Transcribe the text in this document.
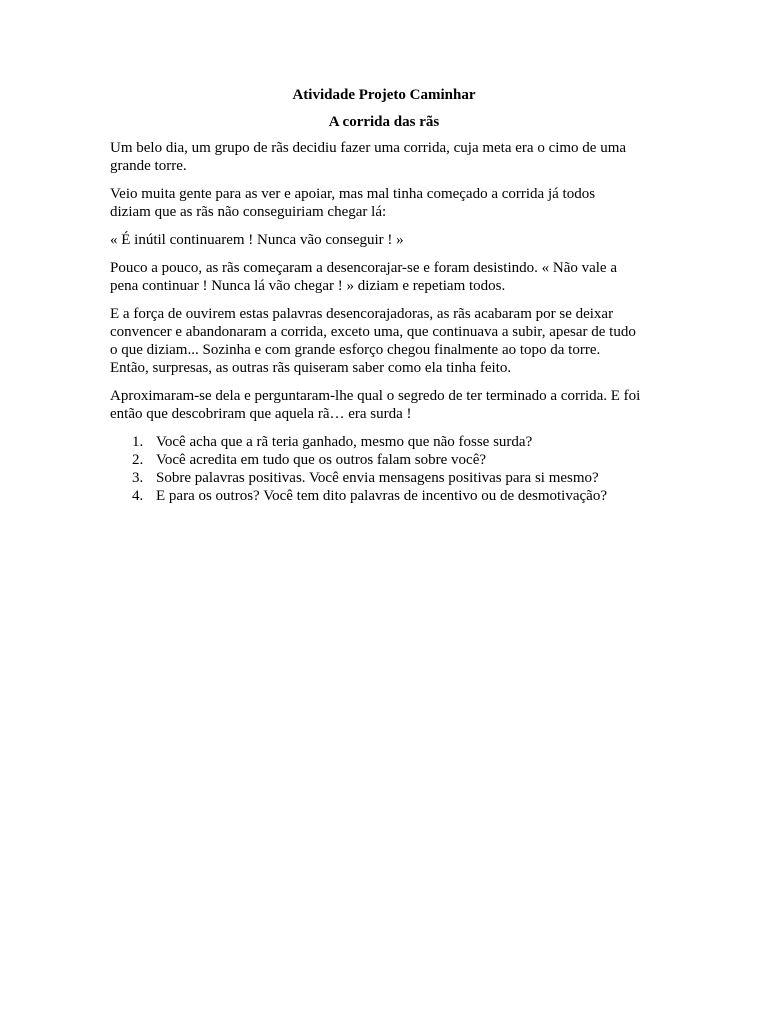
Atividade Projeto Caminhar

A corrida das rãs

Um belo dia, um grupo de rãs decidiu fazer uma corrida, cuja meta era o cimo de uma
grande torre.

Veio muita gente para as ver e apoiar, mas mal tinha começado a corrida já todos
diziam que as rãs não conseguiriam chegar lá:

« É inútil continuarem ! Nunca vão conseguir ! »

Pouco a pouco, as rãs começaram a desencorajar-se e foram desistindo. « Não vale a
pena continuar ! Nunca lá vão chegar ! » diziam e repetiam todos.

E a força de ouvirem estas palavras desencorajadoras, as rãs acabaram por se deixar
convencer e abandonaram a corrida, exceto uma, que continuava a subir, apesar de tudo
o que diziam... Sozinha e com grande esforço chegou finalmente ao topo da torre.
Então, surpresas, as outras rãs quiseram saber como ela tinha feito.

Aproximaram-se dela e perguntaram-lhe qual o segredo de ter terminado a corrida. E foi
então que descobriram que aquela rã… era surda !

1. Você acha que a rã teria ganhado, mesmo que não fosse surda?
2. Você acredita em tudo que os outros falam sobre você?
3. Sobre palavras positivas. Você envia mensagens positivas para si mesmo?
4. E para os outros? Você tem dito palavras de incentivo ou de desmotivação?
